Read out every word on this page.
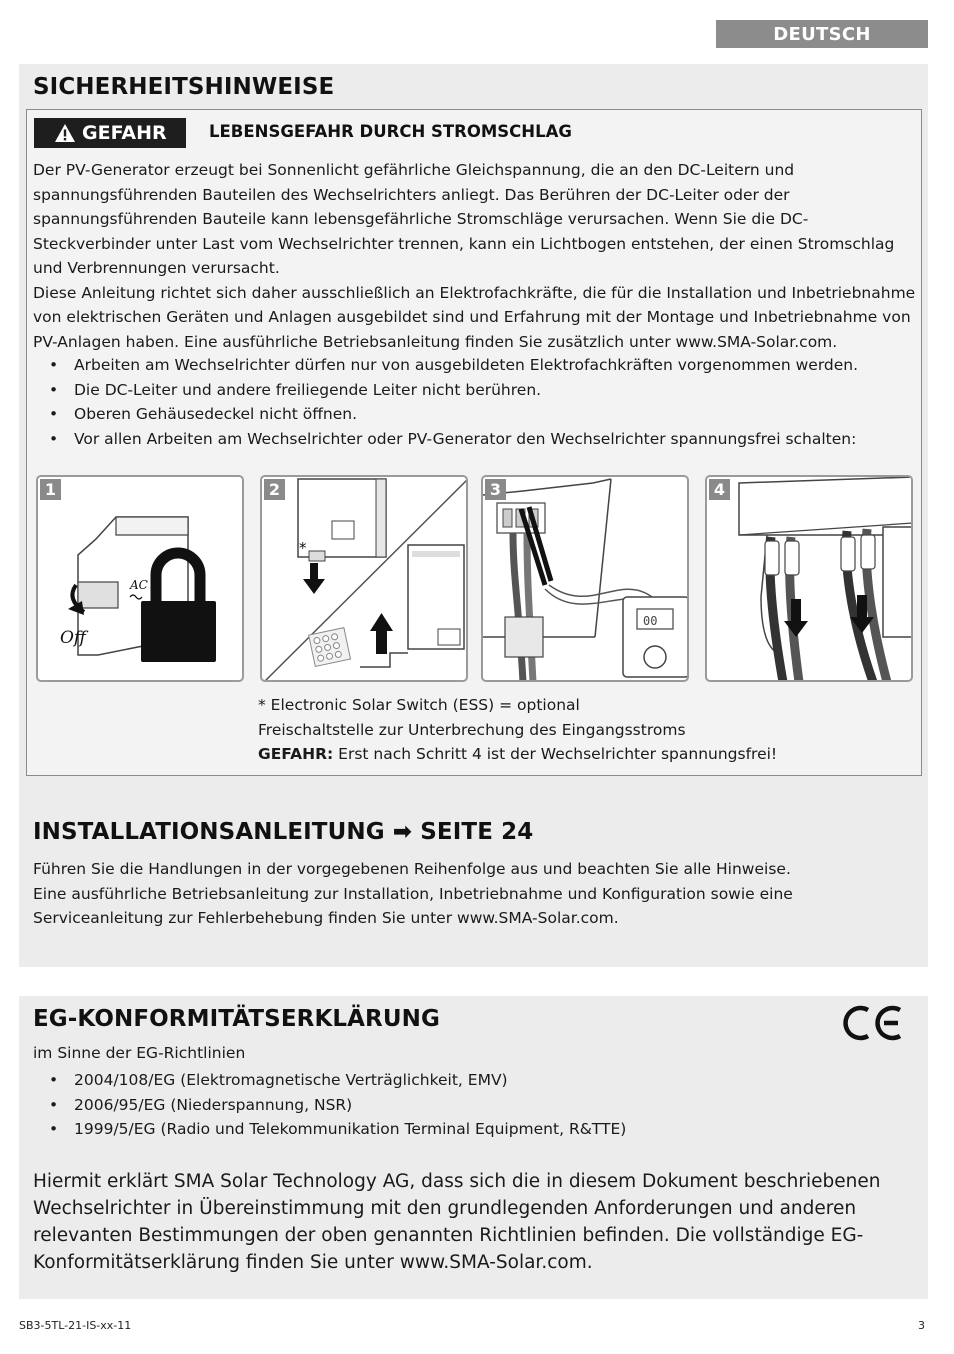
DEUTSCH
SICHERHEITSHINWEISE
GEFAHR	LEBENSGEFAHR DURCH STROMSCHLAG

Der PV-Generator erzeugt bei Sonnenlicht gefährliche Gleichspannung, die an den DC-Leitern und spannungsführenden Bauteilen des Wechselrichters anliegt. Das Berühren der DC-Leiter oder der spannungsführenden Bauteile kann lebensgefährliche Stromschläge verursachen. Wenn Sie die DC-Steckverbinder unter Last vom Wechselrichter trennen, kann ein Lichtbogen entstehen, der einen Stromschlag und Verbrennungen verursacht.

Diese Anleitung richtet sich daher ausschließlich an Elektrofachkräfte, die für die Installation und Inbetriebnahme von elektrischen Geräten und Anlagen ausgebildet sind und Erfahrung mit der Montage und Inbetriebnahme von PV-Anlagen haben. Eine ausführliche Betriebsanleitung finden Sie zusätzlich unter www.SMA-Solar.com.

• Arbeiten am Wechselrichter dürfen nur von ausgebildeten Elektrofachkräften vorgenommen werden.
• Die DC-Leiter und andere freiliegende Leiter nicht berühren.
• Oberen Gehäusedeckel nicht öffnen.
• Vor allen Arbeiten am Wechselrichter oder PV-Generator den Wechselrichter spannungsfrei schalten:
1
Off
AC
2
*
3
00
4
* Electronic Solar Switch (ESS) = optional
Freischaltstelle zur Unterbrechung des Eingangsstroms
GEFAHR: Erst nach Schritt 4 ist der Wechselrichter spannungsfrei!
INSTALLATIONSANLEITUNG ➡ SEITE 24

Führen Sie die Handlungen in der vorgegebenen Reihenfolge aus und beachten Sie alle Hinweise.

Eine ausführliche Betriebsanleitung zur Installation, Inbetriebnahme und Konfiguration sowie eine Serviceanleitung zur Fehlerbehebung finden Sie unter www.SMA-Solar.com.

EG-KONFORMITÄTSERKLÄRUNG
im Sinne der EG-Richtlinien
• 2004/108/EG (Elektromagnetische Verträglichkeit, EMV)
• 2006/95/EG (Niederspannung, NSR)
• 1999/5/EG (Radio und Telekommunikation Terminal Equipment, R&TTE)
Hiermit erklärt SMA Solar Technology AG, dass sich die in diesem Dokument beschriebenen Wechselrichter in Übereinstimmung mit den grundlegenden Anforderungen und anderen relevanten Bestimmungen der oben genannten Richtlinien befinden. Die vollständige EG-Konformitätserklärung finden Sie unter www.SMA-Solar.com.
SB3-5TL-21-IS-xx-11	3
